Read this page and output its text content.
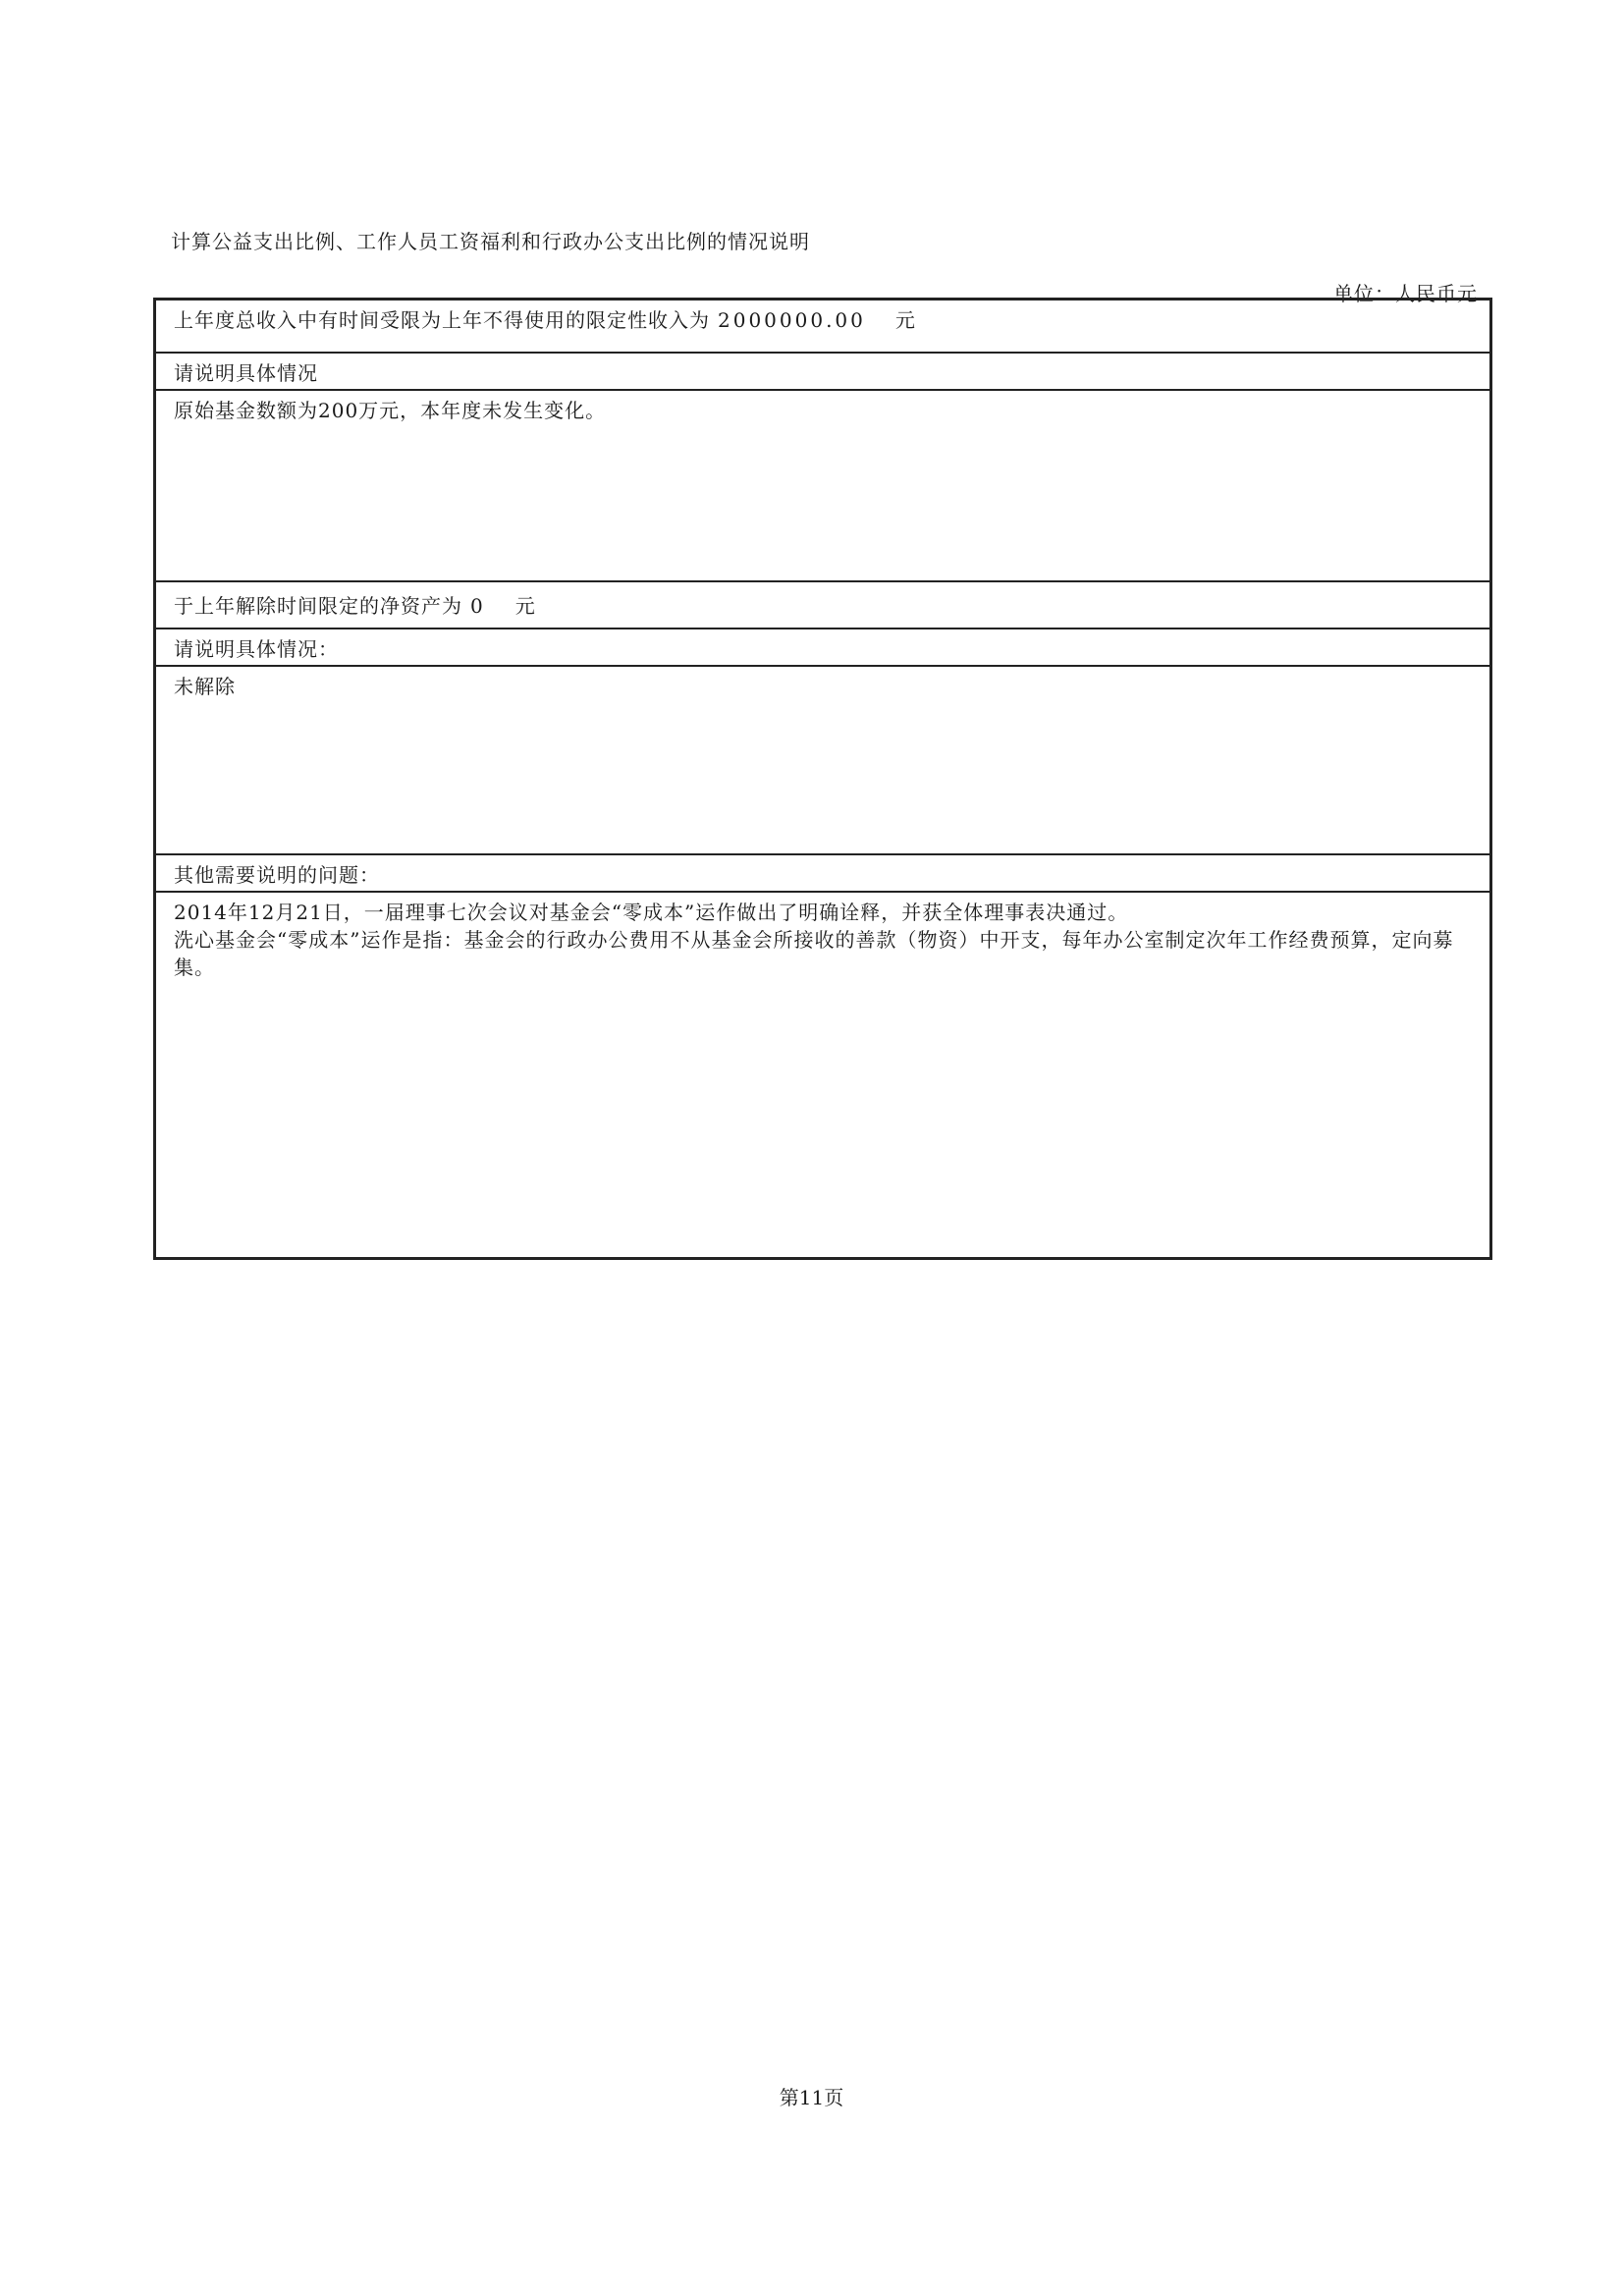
计算公益支出比例、工作人员工资福利和行政办公支出比例的情况说明
单位：人民币元
上年度总收入中有时间受限为上年不得使用的限定性收入为 2000000.00 元
请说明具体情况
原始基金数额为200万元，本年度未发生变化。
于上年解除时间限定的净资产为 0 元
请说明具体情况：
未解除
其他需要说明的问题：

2014年12月21日，一届理事七次会议对基金会“零成本”运作做出了明确诠释，并获全体理事表决通过。

洗心基金会“零成本”运作是指：基金会的行政办公费用不从基金会所接收的善款（物资）中开支，每年办公室制定次年工作经费预算，定向募集。

第11页
